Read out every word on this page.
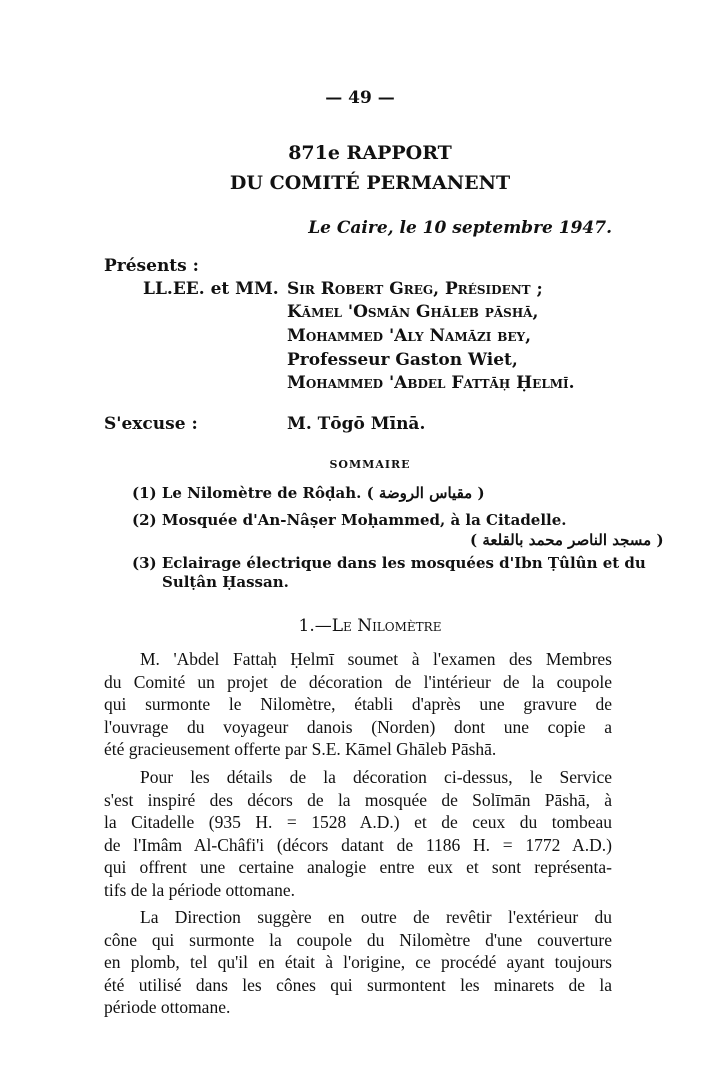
— 49 —
871e RAPPORT
DU COMITÉ PERMANENT
Le Caire, le 10 septembre 1947.
Présents :
LL.EE. et MM. Sir Robert Greg, Président ;
Kāmel 'Osmān Ghāleb pāshā,
Mohammed 'Aly Namāzi bey,
Professeur Gaston Wiet,
Mohammed 'Abdel Fattāḥ Ḥelmī.
S'excuse :	M. Tōgō Mīnā.
SOMMAIRE
(1) Le Nilomètre de Rôḍah. ( مقياس الروضة )
(2) Mosquée d'An-Nâṣer Moḥammed, à la Citadelle.
( مسجد الناصر محمد بالقلعة )
(3) Eclairage électrique dans les mosquées d'Ibn Ṭûlûn et du
Sulṭân Ḥassan.
1.—Le Nilomètre
M. 'Abdel Fattaḥ Ḥelmī soumet à l'examen des Membres
du Comité un projet de décoration de l'intérieur de la coupole
qui surmonte le Nilomètre, établi d'après une gravure de
l'ouvrage du voyageur danois (Norden) dont une copie a
été gracieusement offerte par S.E. Kāmel Ghāleb Pāshā.
Pour les détails de la décoration ci-dessus, le Service
s'est inspiré des décors de la mosquée de Solīmān Pāshā, à
la Citadelle (935 H. = 1528 A.D.) et de ceux du tombeau
de l'Imâm Al-Châfi'i (décors datant de 1186 H. = 1772 A.D.)
qui offrent une certaine analogie entre eux et sont représenta-
tifs de la période ottomane.
La Direction suggère en outre de revêtir l'extérieur du
cône qui surmonte la coupole du Nilomètre d'une couverture
en plomb, tel qu'il en était à l'origine, ce procédé ayant toujours
été utilisé dans les cônes qui surmontent les minarets de la
période ottomane.
